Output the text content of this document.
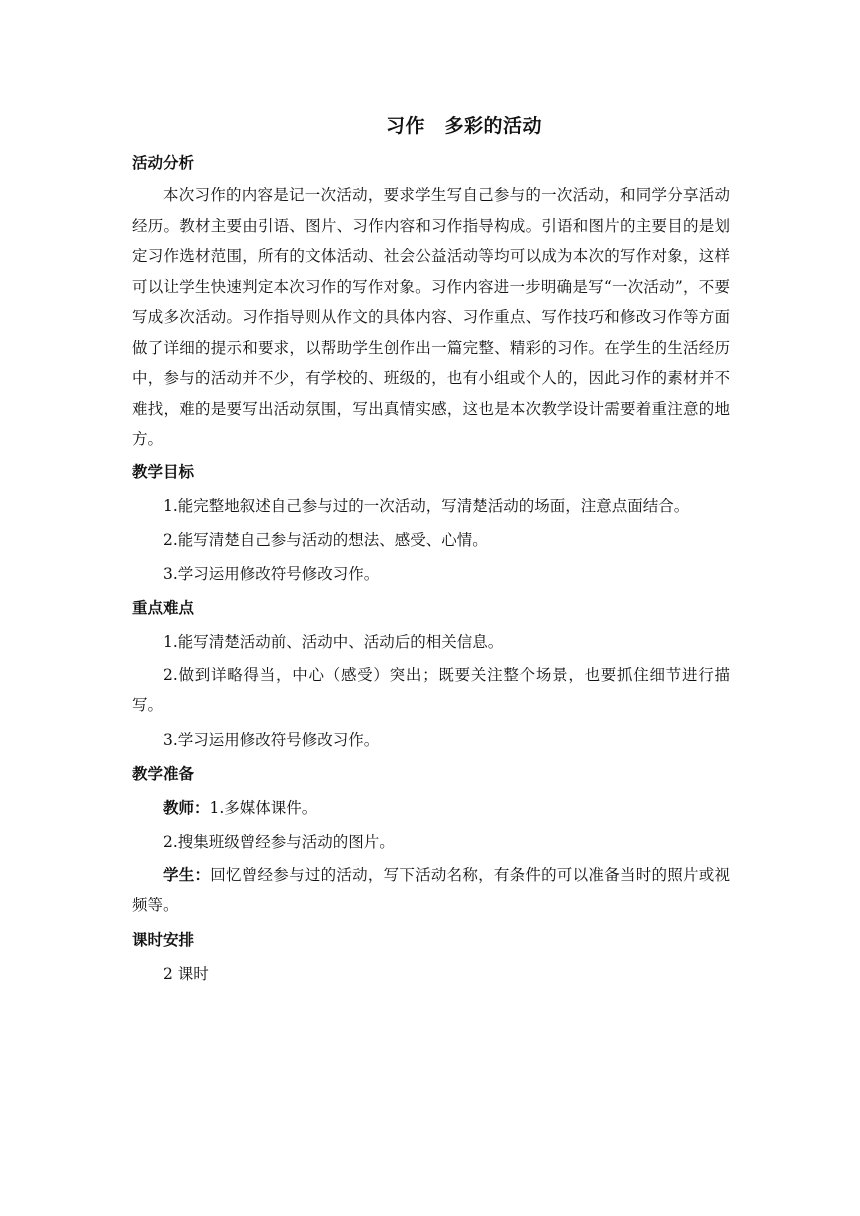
习作　多彩的活动
活动分析

本次习作的内容是记一次活动，要求学生写自己参与的一次活动，和同学分享活动经历。教材主要由引语、图片、习作内容和习作指导构成。引语和图片的主要目的是划定习作选材范围，所有的文体活动、社会公益活动等均可以成为本次的写作对象，这样可以让学生快速判定本次习作的写作对象。习作内容进一步明确是写“一次活动”，不要写成多次活动。习作指导则从作文的具体内容、习作重点、写作技巧和修改习作等方面做了详细的提示和要求，以帮助学生创作出一篇完整、精彩的习作。在学生的生活经历中，参与的活动并不少，有学校的、班级的，也有小组或个人的，因此习作的素材并不难找，难的是要写出活动氛围，写出真情实感，这也是本次教学设计需要着重注意的地方。

教学目标

1.能完整地叙述自己参与过的一次活动，写清楚活动的场面，注意点面结合。

2.能写清楚自己参与活动的想法、感受、心情。

3.学习运用修改符号修改习作。

重点难点

1.能写清楚活动前、活动中、活动后的相关信息。

2.做到详略得当，中心（感受）突出；既要关注整个场景，也要抓住细节进行描写。

3.学习运用修改符号修改习作。

教学准备

教师：1.多媒体课件。

2.搜集班级曾经参与活动的图片。

学生：回忆曾经参与过的活动，写下活动名称，有条件的可以准备当时的照片或视频等。

课时安排

2 课时
